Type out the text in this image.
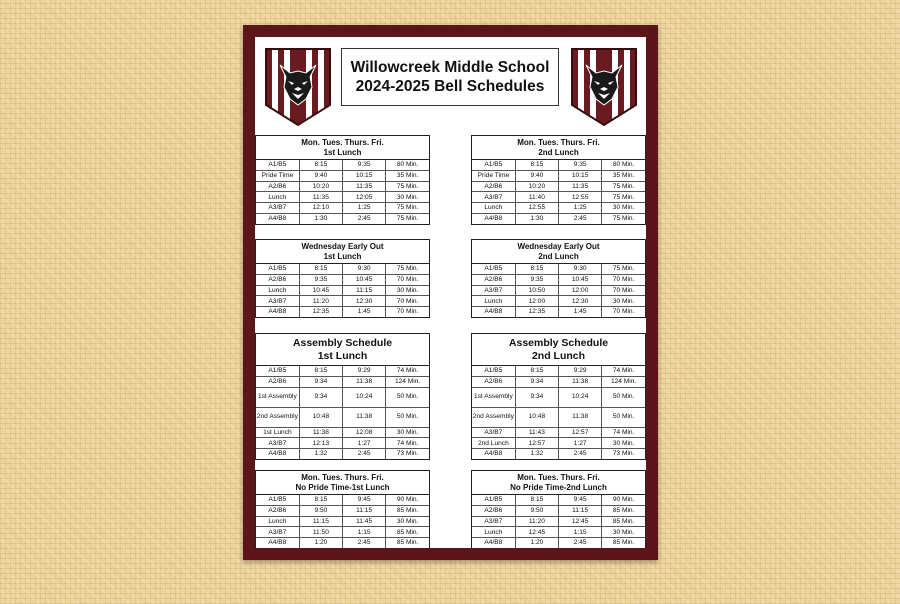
Willowcreek Middle School
2024-2025 Bell Schedules
Mon. Tues. Thurs. Fri.
1st Lunch
A1/B5	8:15	9:35	80 Min.
Pride Time	9:40	10:15	35 Min.
A2/B6	10:20	11:35	75 Min.
Lunch	11:35	12:05	30 Min.
A3/B7	12:10	1:25	75 Min.
A4/B8	1:30	2:45	75 Min.
Mon. Tues. Thurs. Fri.
2nd Lunch
A1/B5	8:15	9:35	80 Min.
Pride Time	9:40	10:15	35 Min.
A2/B6	10:20	11:35	75 Min.
A3/B7	11:40	12:55	75 Min.
Lunch	12:55	1:25	30 Min.
A4/B8	1:30	2:45	75 Min.
Wednesday Early Out
1st Lunch
A1/B5	8:15	9:30	75 Min.
A2/B6	9:35	10:45	70 Min.
Lunch	10:45	11:15	30 Min.
A3/B7	11:20	12:30	70 Min.
A4/B8	12:35	1:45	70 Min.
Wednesday Early Out
2nd Lunch
A1/B5	8:15	9:30	75 Min.
A2/B6	9:35	10:45	70 Min.
A3/B7	10:50	12:00	70 Min.
Lunch	12:00	12:30	30 Min.
A4/B8	12:35	1:45	70 Min.
Assembly Schedule
1st Lunch
A1/B5	8:15	9:29	74 Min.
A2/B6	9:34	11:38	124 Min.
1st Assembly	9:34	10:24	50 Min.
2nd Assembly	10:48	11:38	50 Min.
1st Lunch	11:38	12:08	30 Min.
A3/B7	12:13	1:27	74 Min.
A4/B8	1:32	2:45	73 Min.
Assembly Schedule
2nd Lunch
A1/B5	8:15	9:29	74 Min.
A2/B6	9:34	11:38	124 Min.
1st Assembly	9:34	10:24	50 Min.
2nd Assembly	10:48	11:38	50 Min.
A3/B7	11:43	12:57	74 Min.
2nd Lunch	12:57	1:27	30 Min.
A4/B8	1:32	2:45	73 Min.
Mon. Tues. Thurs. Fri.
No Pride Time-1st Lunch
A1/B5	8:15	9:45	90 Min.
A2/B6	9:50	11:15	85 Min.
Lunch	11:15	11:45	30 Min.
A3/B7	11:50	1:15	85 Min.
A4/B8	1:20	2:45	85 Min.
Mon. Tues. Thurs. Fri.
No Pride Time-2nd Lunch
A1/B5	8:15	9:45	90 Min.
A2/B6	9:50	11:15	85 Min.
A3/B7	11:20	12:45	85 Min.
Lunch	12:45	1:15	30 Min.
A4/B8	1:20	2:45	85 Min.
